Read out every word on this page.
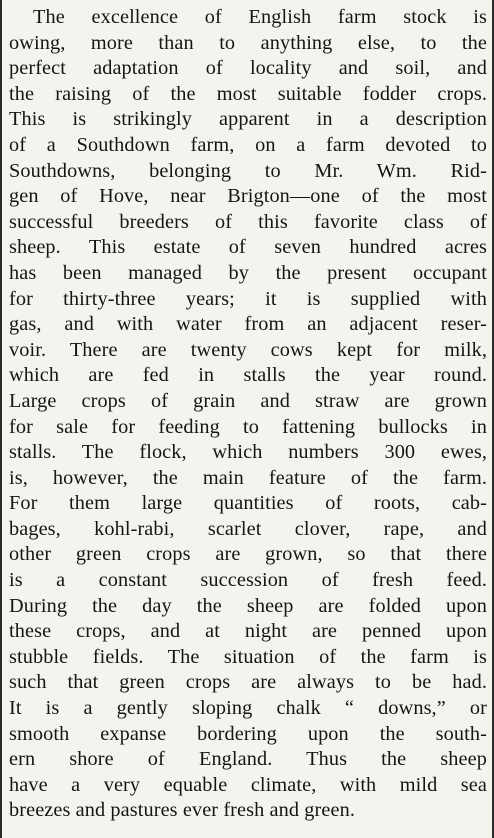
The excellence of English farm stock is
owing, more than to anything else, to the
perfect adaptation of locality and soil, and
the raising of the most suitable fodder crops.
This is strikingly apparent in a description
of a Southdown farm, on a farm devoted to
Southdowns, belonging to Mr. Wm. Rid-
gen of Hove, near Brigton—one of the most
successful breeders of this favorite class of
sheep. This estate of seven hundred acres
has been managed by the present occupant
for thirty-three years; it is supplied with
gas, and with water from an adjacent reser-
voir. There are twenty cows kept for milk,
which are fed in stalls the year round.
Large crops of grain and straw are grown
for sale for feeding to fattening bullocks in
stalls. The flock, which numbers 300 ewes,
is, however, the main feature of the farm.
For them large quantities of roots, cab-
bages, kohl-rabi, scarlet clover, rape, and
other green crops are grown, so that there
is a constant succession of fresh feed.
During the day the sheep are folded upon
these crops, and at night are penned upon
stubble fields. The situation of the farm is
such that green crops are always to be had.
It is a gently sloping chalk “ downs,” or
smooth expanse bordering upon the south-
ern shore of England. Thus the sheep
have a very equable climate, with mild sea
breezes and pastures ever fresh and green.
